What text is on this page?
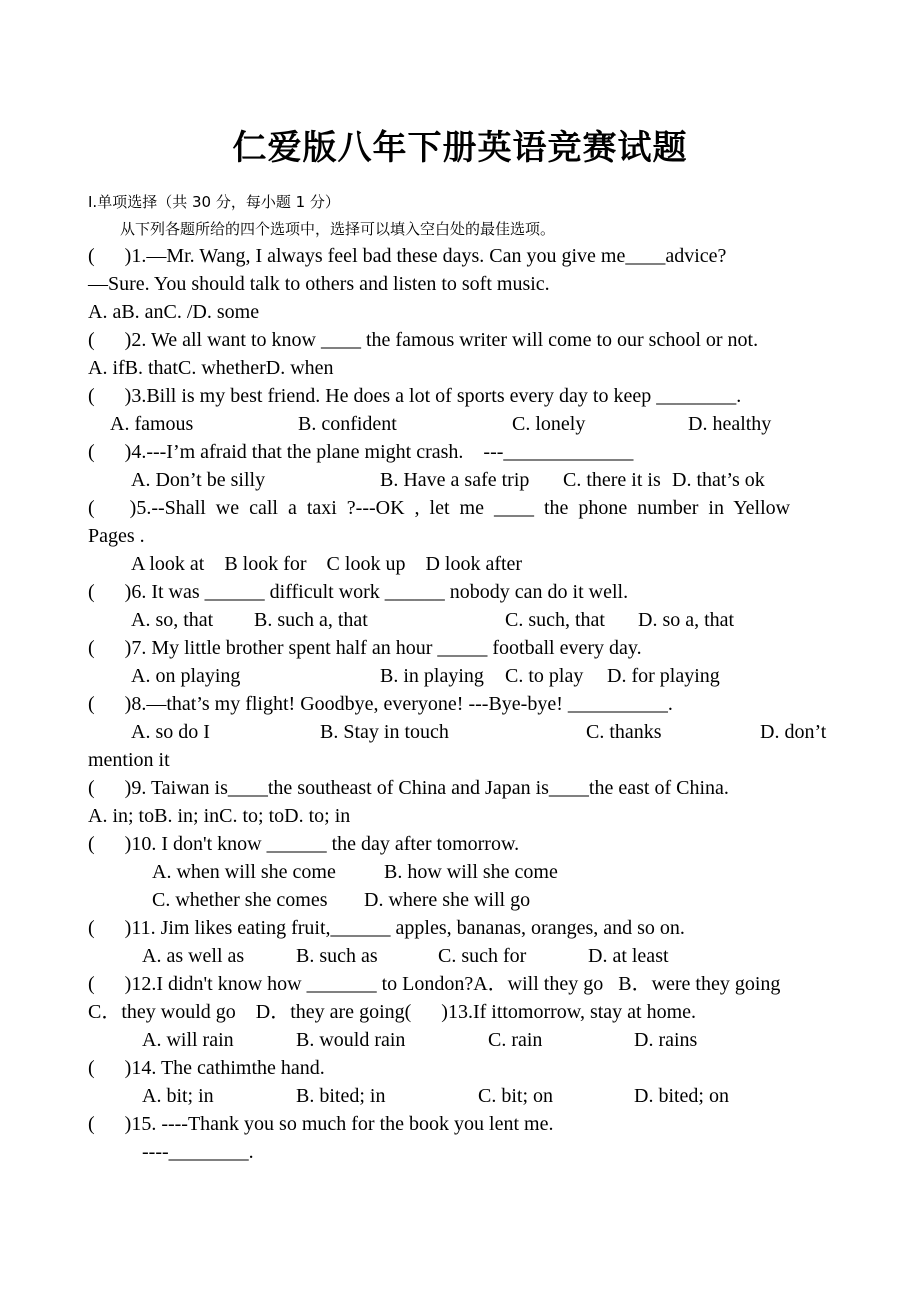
仁爱版八年下册英语竞赛试题
I.单项选择（共 30 分，每小题 1 分）
从下列各题所给的四个选项中，选择可以填入空白处的最佳选项。
(      )1.—Mr. Wang, I always feel bad these days. Can you give me____advice?
—Sure. You should talk to others and listen to soft music.
A. aB. anC. /D. some
(      )2. We all want to know ____ the famous writer will come to our school or not.
A. ifB. thatC. whetherD. when
(      )3.Bill is my best friend. He does a lot of sports every day to keep ________.
A. famous	B. confident	C. lonely	D. healthy
(      )4.---I’m afraid that the plane might crash.    ---_____________
A. Don’t be silly	B. Have a safe trip C. there it is D. that’s ok
(       )5.--Shall  we  call  a  taxi  ?---OK  ,  let  me  ____  the  phone  number  in  Yellow
Pages .
A look at    B look for    C look up    D look after
(      )6. It was ______ difficult work ______ nobody can do it well.
A. so, that B. such a, that	C. such, that D. so a, that
(      )7. My little brother spent half an hour _____ football every day.
A. on playing	B. in playing C. to play D. for playing
(      )8.—that’s my flight! Goodbye, everyone! ---Bye-bye! __________.
A. so do I	B. Stay in touch	C. thanks	D. don’t
mention it
(      )9. Taiwan is____the southeast of China and Japan is____the east of China.
A. in; toB. in; inC. to; toD. to; in
(      )10. I don't know ______ the day after tomorrow.
A. when will she come B. how will she come
C. whether she comes D. where she will go
(      )11. Jim likes eating fruit,______ apples, bananas, oranges, and so on.
A. as well as	B. such as	C. such for	D. at least
(      )12.I didn't know how _______ to London?A．will they go   B．were they going
C．they would go    D．they are going(      )13.If ittomorrow, stay at home.
A. will rain	B. would rain	C. rain	D. rains
(      )14. The cathimthe hand.
A. bit; in	B. bited; in	C. bit; on	D. bited; on
(      )15. ----Thank you so much for the book you lent me.
----________.
